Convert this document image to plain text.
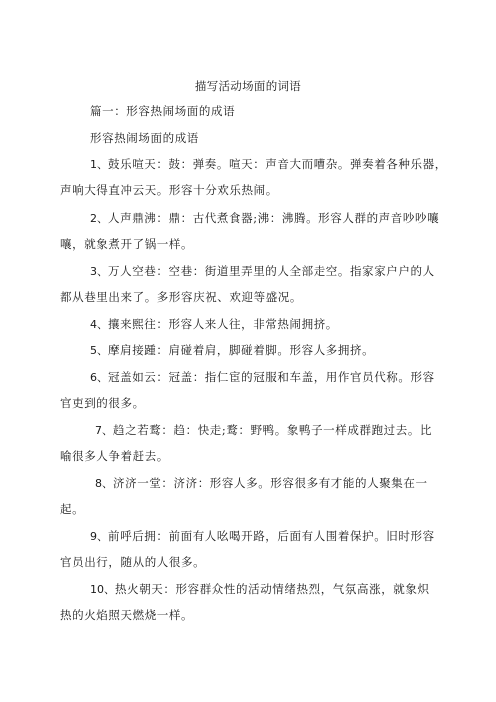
描写活动场面的词语
篇一：形容热闹场面的成语
形容热闹场面的成语
1、鼓乐喧天：鼓：弹奏。喧天：声音大而嘈杂。弹奏着各种乐器，
声响大得直冲云天。形容十分欢乐热闹。
2、人声鼎沸：鼎：古代煮食器;沸：沸腾。形容人群的声音吵吵嚷
嚷，就象煮开了锅一样。
3、万人空巷：空巷：街道里弄里的人全部走空。指家家户户的人
都从巷里出来了。多形容庆祝、欢迎等盛况。
4、攘来熙往：形容人来人往，非常热闹拥挤。
5、摩肩接踵：肩碰着肩，脚碰着脚。形容人多拥挤。
6、冠盖如云：冠盖：指仁宦的冠服和车盖，用作官员代称。形容
官吏到的很多。
7、趋之若鹜：趋：快走;鹜：野鸭。象鸭子一样成群跑过去。比
喻很多人争着赶去。
8、济济一堂：济济：形容人多。形容很多有才能的人聚集在一
起。
9、前呼后拥：前面有人吆喝开路，后面有人围着保护。旧时形容
官员出行，随从的人很多。
10、热火朝天：形容群众性的活动情绪热烈，气氛高涨，就象炽
热的火焰照天燃烧一样。
